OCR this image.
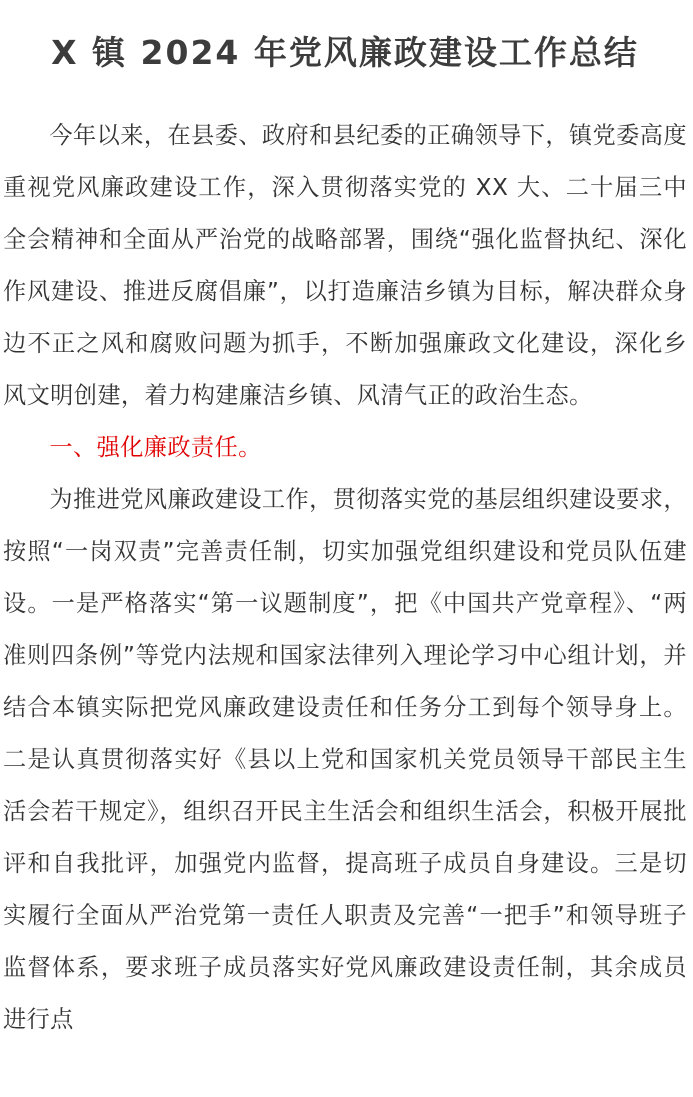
X 镇 2024 年党风廉政建设工作总结

今年以来，在县委、政府和县纪委的正确领导下，镇党委高度重视党风廉政建设工作，深入贯彻落实党的 XX 大、二十届三中全会精神和全面从严治党的战略部署，围绕“强化监督执纪、深化作风建设、推进反腐倡廉”，以打造廉洁乡镇为目标，解决群众身边不正之风和腐败问题为抓手，不断加强廉政文化建设，深化乡风文明创建，着力构建廉洁乡镇、风清气正的政治生态。

一、强化廉政责任。

为推进党风廉政建设工作，贯彻落实党的基层组织建设要求，按照“一岗双责”完善责任制，切实加强党组织建设和党员队伍建设。一是严格落实“第一议题制度”，把《中国共产党章程》、“两准则四条例”等党内法规和国家法律列入理论学习中心组计划，并结合本镇实际把党风廉政建设责任和任务分工到每个领导身上。二是认真贯彻落实好《县以上党和国家机关党员领导干部民主生活会若干规定》，组织召开民主生活会和组织生活会，积极开展批评和自我批评，加强党内监督，提高班子成员自身建设。三是切实履行全面从严治党第一责任人职责及完善“一把手”和领导班子监督体系，要求班子成员落实好党风廉政建设责任制，其余成员进行点
